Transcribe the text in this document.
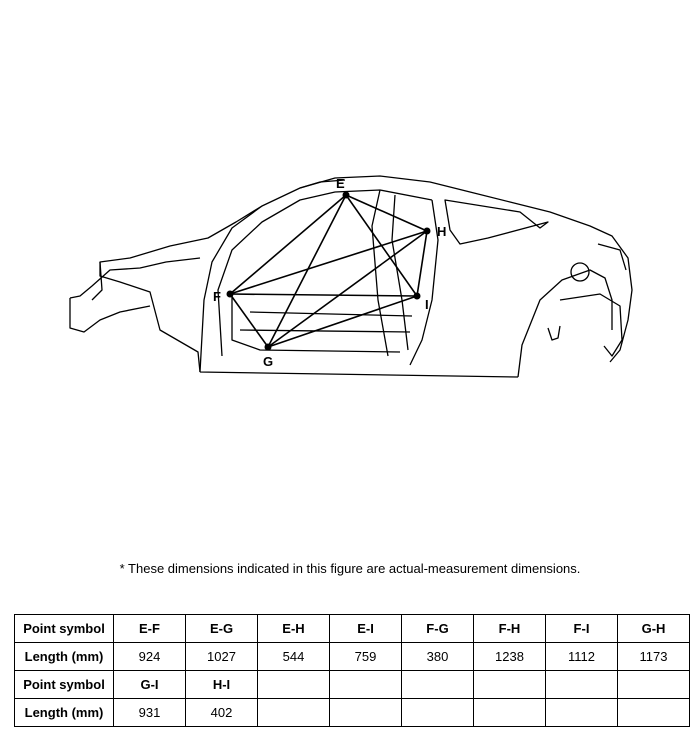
E
F
G
H
I
* These dimensions indicated in this figure are actual-measurement dimensions.
Point symbol	E-F	E-G	E-H	E-I	F-G	F-H	F-I	G-H
Length (mm)	924	1027	544	759	380	1238	1112	1173
Point symbol	G-I	H-I						
Length (mm)	931	402						
